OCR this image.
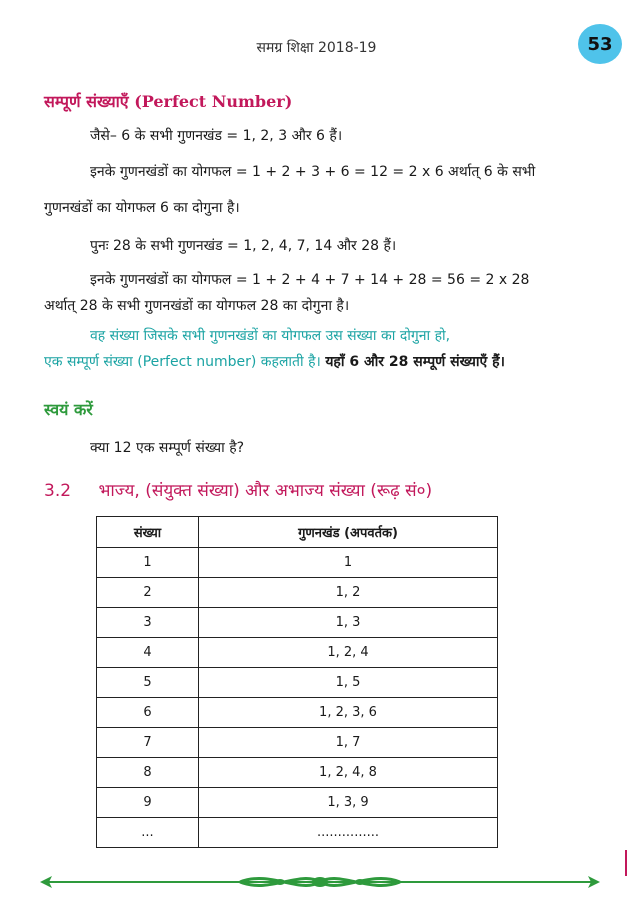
समग्र शिक्षा 2018-19	53
सम्पूर्ण संख्याएँ (Perfect Number)
जैसे– 6 के सभी गुणनखंड = 1, 2, 3 और 6 हैं।
इनके गुणनखंडों का योगफल = 1 + 2 + 3 + 6 = 12 = 2 x 6 अर्थात् 6 के सभी
गुणनखंडों का योगफल 6 का दोगुना है।
पुनः 28 के सभी गुणनखंड = 1, 2, 4, 7, 14 और 28 हैं।
इनके गुणनखंडों का योगफल = 1 + 2 + 4 + 7 + 14 + 28 = 56 = 2 x 28
अर्थात् 28 के सभी गुणनखंडों का योगफल 28 का दोगुना है।
वह संख्या जिसके सभी गुणनखंडों का योगफल उस संख्या का दोगुना हो,
एक सम्पूर्ण संख्या (Perfect number) कहलाती है। यहाँ 6 और 28 सम्पूर्ण संख्याएँ हैं।
स्वयं करें
क्या 12 एक सम्पूर्ण संख्या है?
3.2 भाज्य, (संयुक्त संख्या) और अभाज्य संख्या (रूढ़ सं०)
संख्या	गुणनखंड (अपवर्तक)
1	1
2	1, 2
3	1, 3
4	1, 2, 4
5	1, 5
6	1, 2, 3, 6
7	1, 7
8	1, 2, 4, 8
9	1, 3, 9
...	...............
